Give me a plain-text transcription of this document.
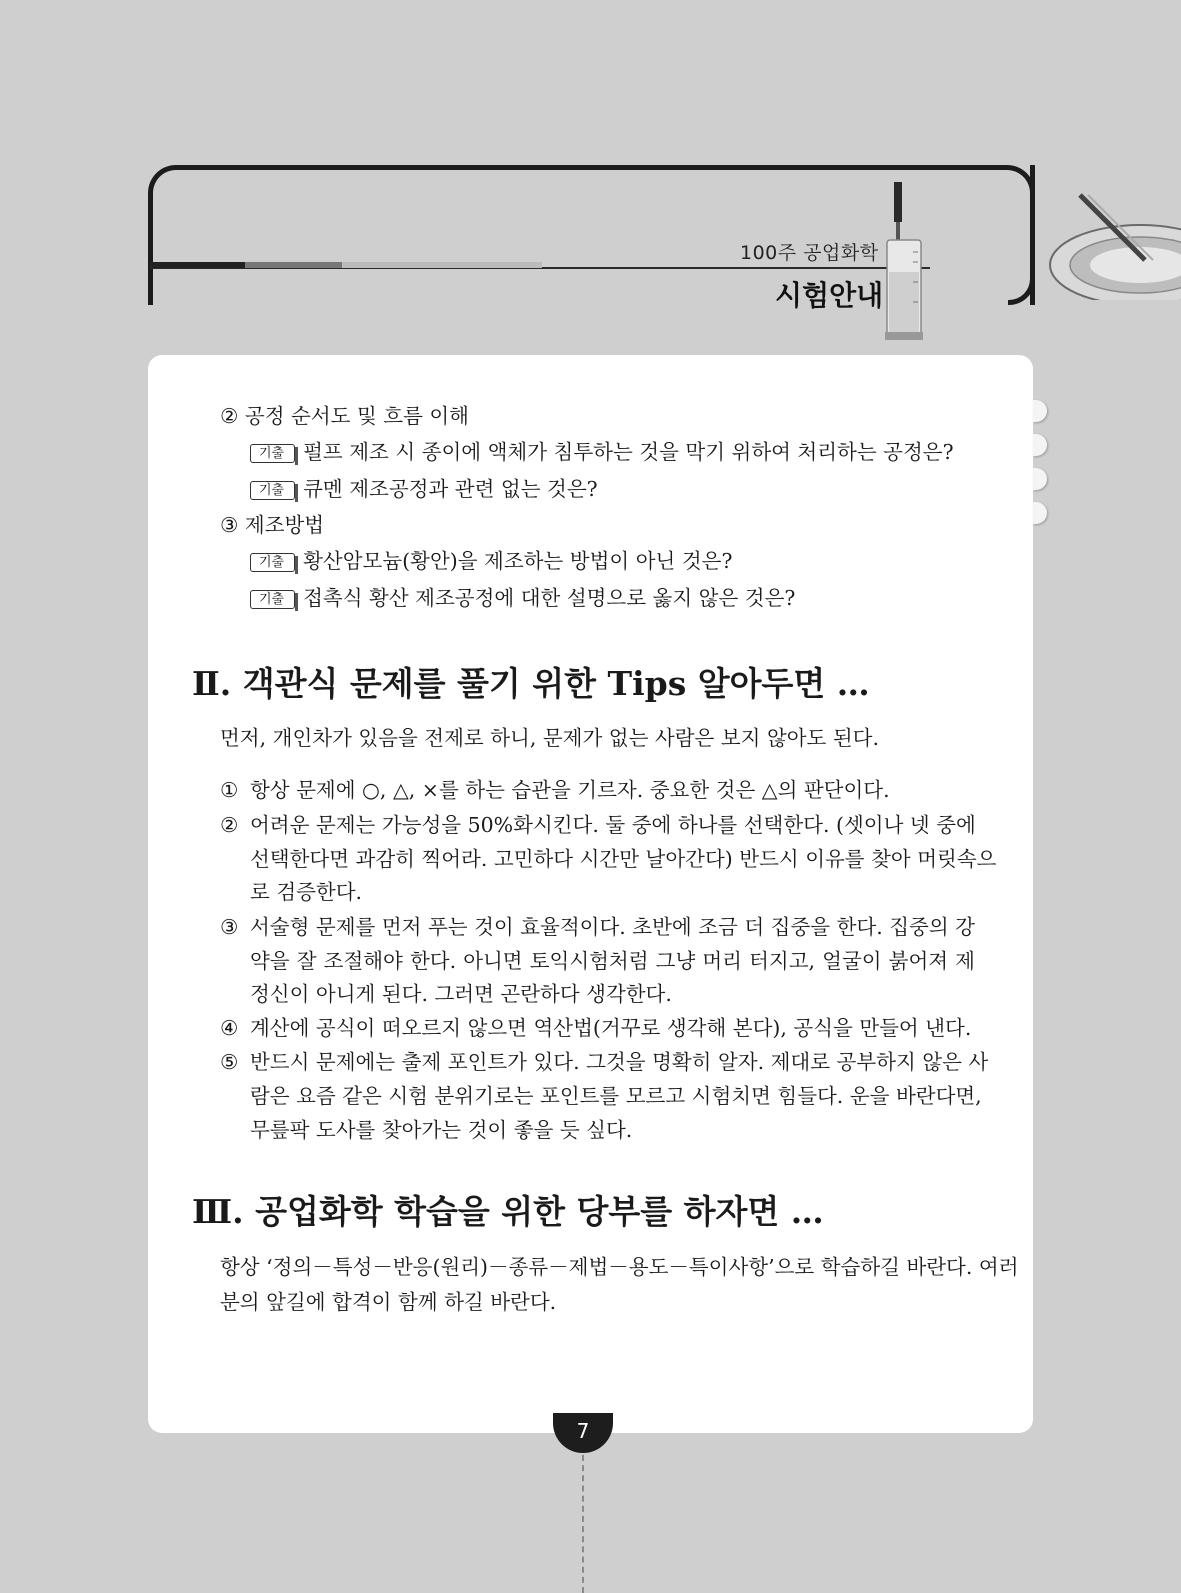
100주 공업화학
시험안내
② 공정 순서도 및 흐름 이해
기출 펄프 제조 시 종이에 액체가 침투하는 것을 막기 위하여 처리하는 공정은?
기출 큐멘 제조공정과 관련 없는 것은?
③ 제조방법
기출 황산암모늄(황안)을 제조하는 방법이 아닌 것은?
기출 접촉식 황산 제조공정에 대한 설명으로 옳지 않은 것은?
Ⅱ. 객관식 문제를 풀기 위한 Tips 알아두면 …
먼저, 개인차가 있음을 전제로 하니, 문제가 없는 사람은 보지 않아도 된다.
① 항상 문제에 ○, △, ×를 하는 습관을 기르자. 중요한 것은 △의 판단이다.
② 어려운 문제는 가능성을 50%화시킨다. 둘 중에 하나를 선택한다. (셋이나 넷 중에
선택한다면 과감히 찍어라. 고민하다 시간만 날아간다) 반드시 이유를 찾아 머릿속으
로 검증한다.
③ 서술형 문제를 먼저 푸는 것이 효율적이다. 초반에 조금 더 집중을 한다. 집중의 강
약을 잘 조절해야 한다. 아니면 토익시험처럼 그냥 머리 터지고, 얼굴이 붉어져 제
정신이 아니게 된다. 그러면 곤란하다 생각한다.
④ 계산에 공식이 떠오르지 않으면 역산법(거꾸로 생각해 본다), 공식을 만들어 낸다.
⑤ 반드시 문제에는 출제 포인트가 있다. 그것을 명확히 알자. 제대로 공부하지 않은 사
람은 요즘 같은 시험 분위기로는 포인트를 모르고 시험치면 힘들다. 운을 바란다면,
무릎팍 도사를 찾아가는 것이 좋을 듯 싶다.
Ⅲ. 공업화학 학습을 위한 당부를 하자면 …
항상 ‘정의－특성－반응(원리)－종류－제법－용도－특이사항’으로 학습하길 바란다. 여러
분의 앞길에 합격이 함께 하길 바란다.
7
